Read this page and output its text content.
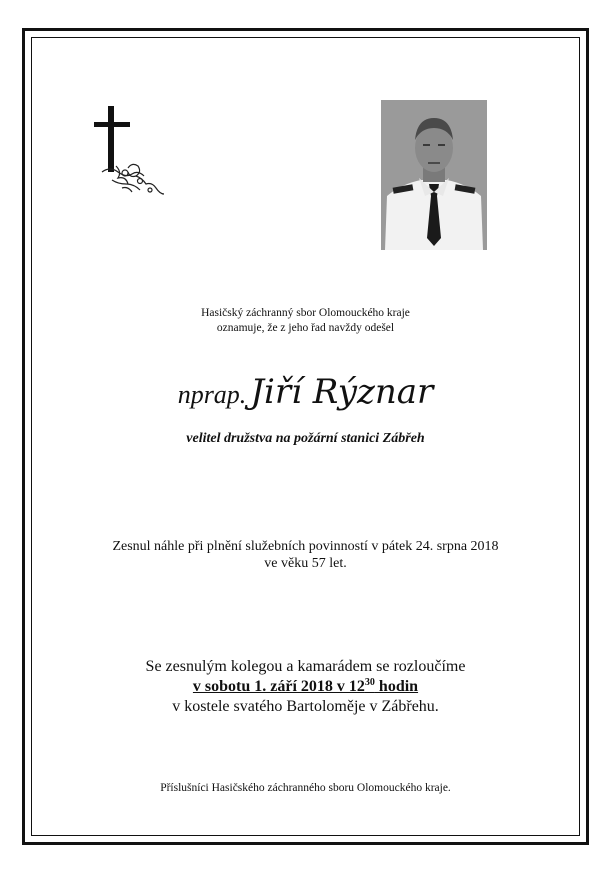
Hasičský záchranný sbor Olomouckého kraje
oznamuje, že z jeho řad navždy odešel
nprap. Jiří Rýznar
velitel družstva na požární stanici Zábřeh
Zesnul náhle při plnění služebních povinností v pátek 24. srpna 2018
ve věku 57 let.
Se zesnulým kolegou a kamarádem se rozloučíme
v sobotu 1. září 2018 v $12^{30}$ hodin
v kostele svatého Bartoloměje v Zábřehu.
Příslušníci Hasičského záchranného sboru Olomouckého kraje.
